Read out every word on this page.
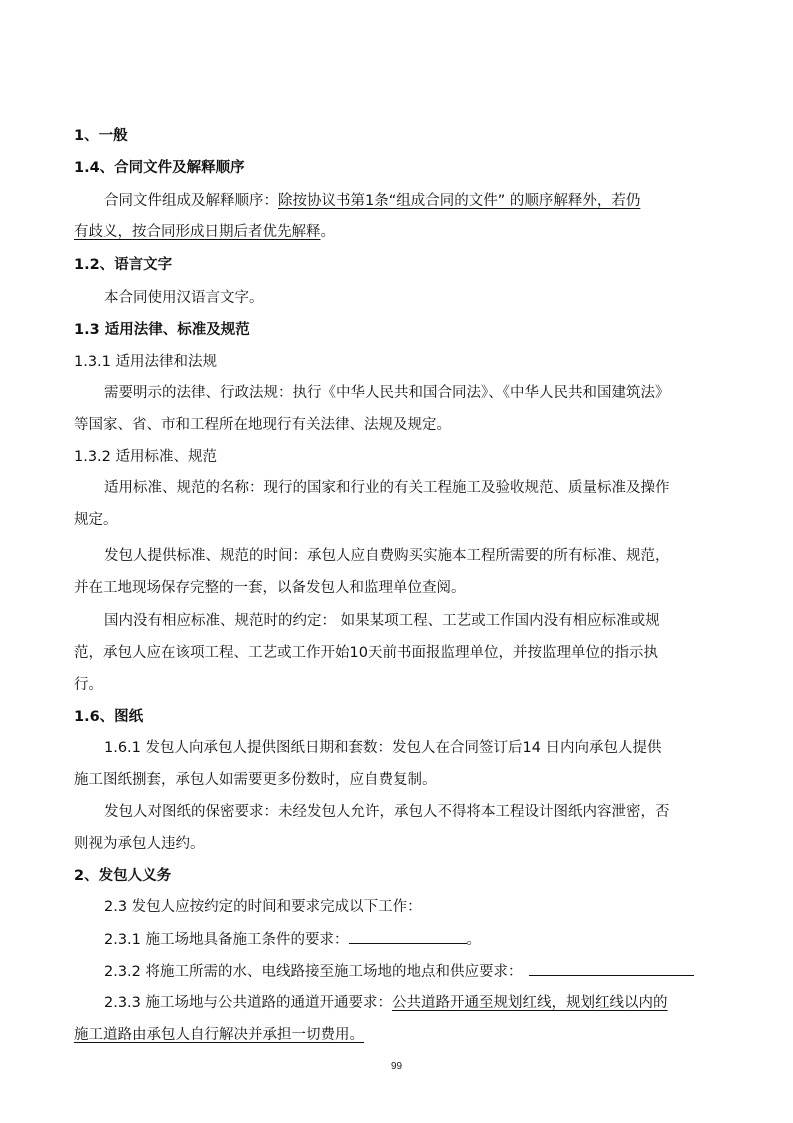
1、一般
1.4、合同文件及解释顺序
合同文件组成及解释顺序：除按协议书第1条“组成合同的文件” 的顺序解释外，若仍
有歧义，按合同形成日期后者优先解释。
1.2、语言文字
本合同使用汉语言文字。
1.3 适用法律、标准及规范
1.3.1 适用法律和法规
需要明示的法律、行政法规：执行《中华人民共和国合同法》、《中华人民共和国建筑法》
等国家、省、市和工程所在地现行有关法律、法规及规定。
1.3.2 适用标准、规范
适用标准、规范的名称：现行的国家和行业的有关工程施工及验收规范、质量标准及操作
规定。
发包人提供标准、规范的时间：承包人应自费购买实施本工程所需要的所有标准、规范，
并在工地现场保存完整的一套，以备发包人和监理单位查阅。
国内没有相应标准、规范时的约定： 如果某项工程、工艺或工作国内没有相应标准或规
范，承包人应在该项工程、工艺或工作开始10天前书面报监理单位，并按监理单位的指示执
行。
1.6、图纸
1.6.1 发包人向承包人提供图纸日期和套数：发包人在合同签订后14 日内向承包人提供
施工图纸捌套，承包人如需要更多份数时，应自费复制。
发包人对图纸的保密要求：未经发包人允许，承包人不得将本工程设计图纸内容泄密，否
则视为承包人违约。
2、发包人义务
2.3 发包人应按约定的时间和要求完成以下工作：
2.3.1 施工场地具备施工条件的要求：	。
2.3.2 将施工所需的水、电线路接至施工场地的地点和供应要求：
2.3.3 施工场地与公共道路的通道开通要求：公共道路开通至规划红线，规划红线以内的
施工道路由承包人自行解决并承担一切费用。
99
